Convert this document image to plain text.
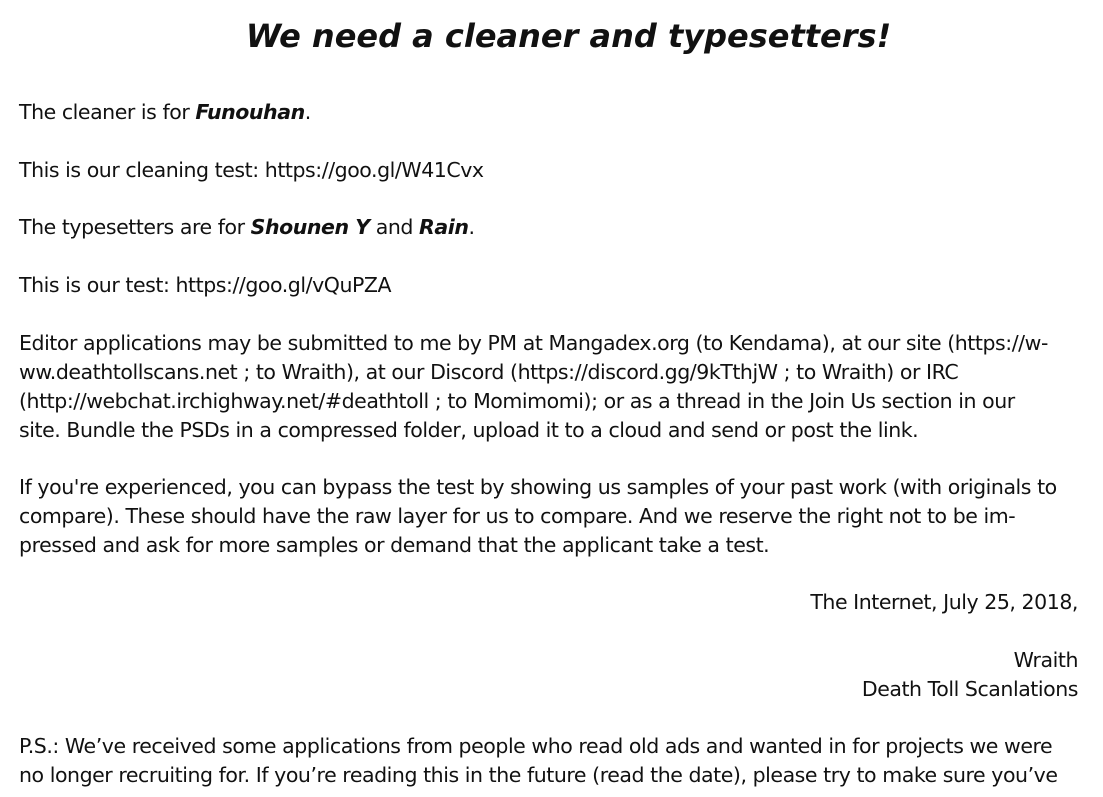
We need a cleaner and typesetters!

The cleaner is for Funouhan.

This is our cleaning test: https://goo.gl/W41Cvx

The typesetters are for Shounen Y and Rain.

This is our test: https://goo.gl/vQuPZA

Editor applications may be submitted to me by PM at Mangadex.org (to Kendama), at our site (https://w-
ww.deathtollscans.net ; to Wraith), at our Discord (https://discord.gg/9kTthjW ; to Wraith) or IRC
(http://webchat.irchighway.net/#deathtoll ; to Momimomi); or as a thread in the Join Us section in our
site. Bundle the PSDs in a compressed folder, upload it to a cloud and send or post the link.
If you're experienced, you can bypass the test by showing us samples of your past work (with originals to
compare). These should have the raw layer for us to compare. And we reserve the right not to be im-
pressed and ask for more samples or demand that the applicant take a test.

The Internet, July 25, 2018,

Wraith
Death Toll Scanlations
P.S.: We’ve received some applications from people who read old ads and wanted in for projects we were
no longer recruiting for. If you’re reading this in the future (read the date), please try to make sure you’ve
